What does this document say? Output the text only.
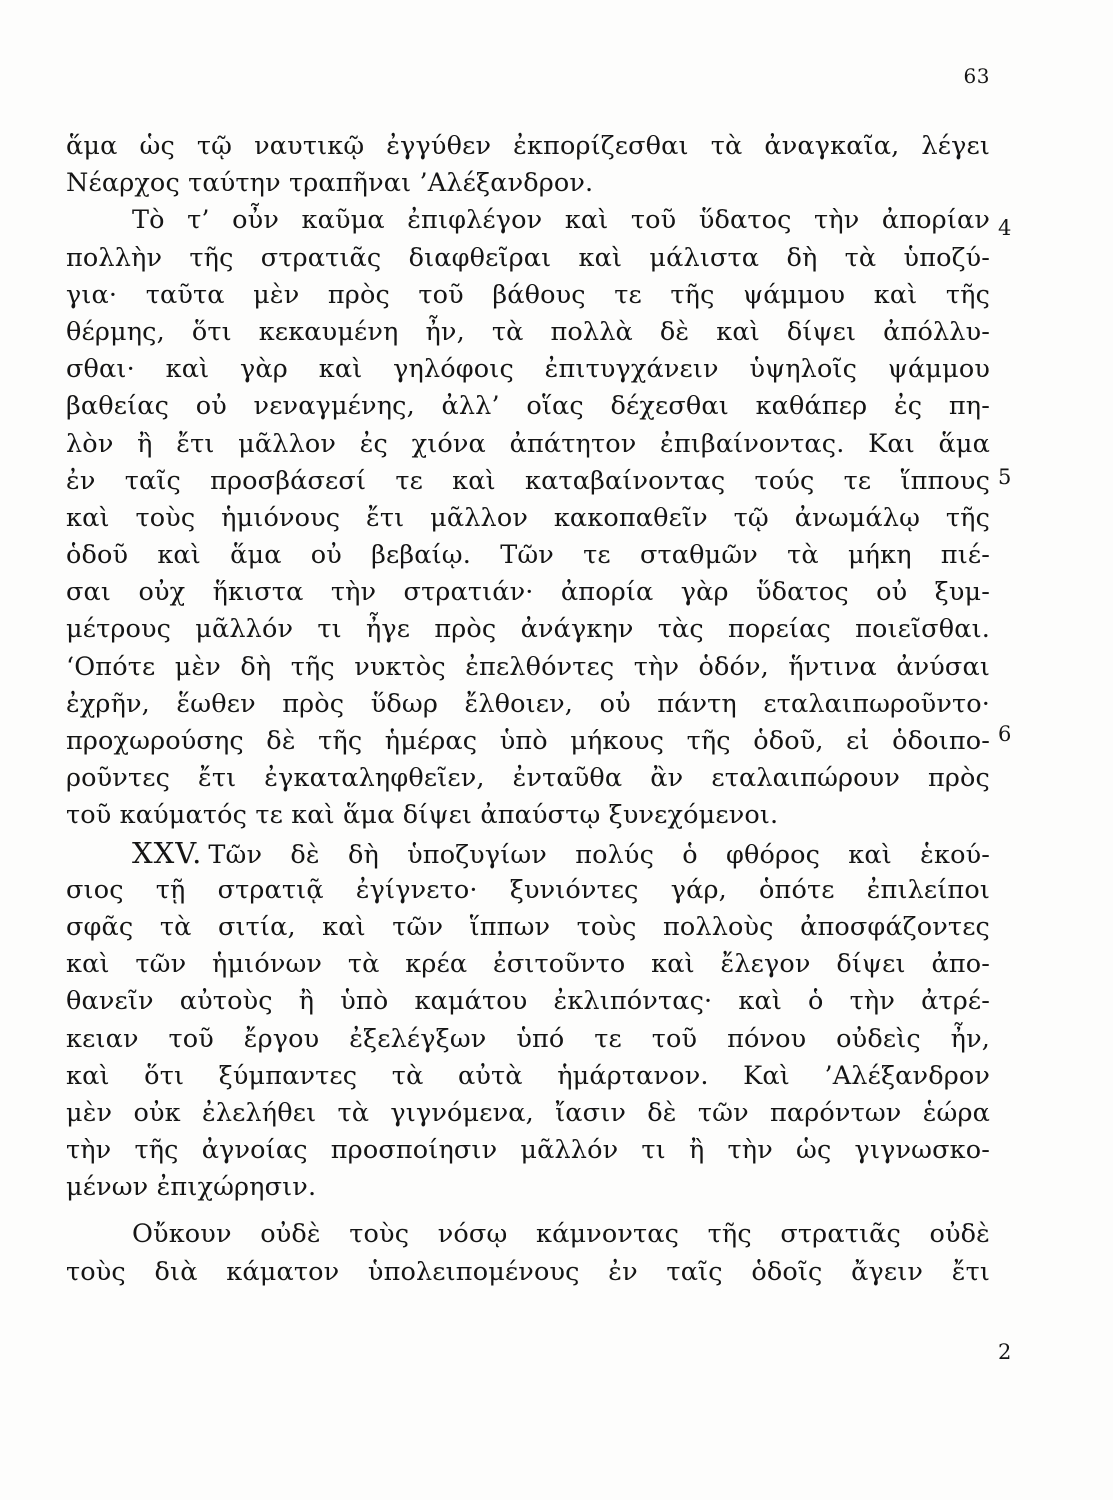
63
ἅμα ὡς τῷ ναυτικῷ ἐγγύθεν ἐκπορίζεσθαι τὰ ἀναγκαῖα, λέγει
Νέαρχος ταύτην τραπῆναι ’Αλέξανδρον.
Τὸ τ’ οὖν καῦμα ἐπιφλέγον καὶ τοῦ ὕδατος τὴν ἀπορίαν
πολλὴν τῆς στρατιᾶς διαφθεῖραι καὶ μάλιστα δὴ τὰ ὑποζύ-
για· ταῦτα μὲν πρὸς τοῦ βάθους τε τῆς ψάμμου καὶ τῆς
θέρμης, ὅτι κεκαυμένη ἦν, τὰ πολλὰ δὲ καὶ δίψει ἀπόλλυ-
σθαι· καὶ γὰρ καὶ γηλόφοις ἐπιτυγχάνειν ὑψηλοῖς ψάμμου
βαθείας οὐ νεναγμένης, ἀλλ’ οἵας δέχεσθαι καθάπερ ἐς πη-
λὸν ἢ ἔτι μᾶλλον ἐς χιόνα ἀπάτητον ἐπιβαίνοντας. Και ἅμα
ἐν ταῖς προσβάσεσί τε καὶ καταβαίνοντας τούς τε ἵππους
καὶ τοὺς ἡμιόνους ἔτι μᾶλλον κακοπαθεῖν τῷ ἀνωμάλῳ τῆς
ὁδοῦ καὶ ἅμα οὐ βεβαίῳ. Τῶν τε σταθμῶν τὰ μήκη πιέ-
σαι οὐχ ἥκιστα τὴν στρατιάν· ἀπορία γὰρ ὕδατος οὐ ξυμ-
μέτρους μᾶλλόν τι ἦγε πρὸς ἀνάγκην τὰς πορείας ποιεῖσθαι.
‘Οπότε μὲν δὴ τῆς νυκτὸς ἐπελθόντες τὴν ὁδόν, ἥντινα ἀνύσαι
ἐχρῆν, ἕωθεν πρὸς ὕδωρ ἔλθοιεν, οὐ πάντη εταλαιπωροῦντο·
προχωρούσης δὲ τῆς ἡμέρας ὑπὸ μήκους τῆς ὁδοῦ, εἰ ὁδοιπο-
ροῦντες ἔτι ἐγκαταληφθεῖεν, ἐνταῦθα ἂν εταλαιπώρουν πρὸς
τοῦ καύματός τε καὶ ἅμα δίψει ἀπαύστῳ ξυνεχόμενοι.
XXV. Τῶν δὲ δὴ ὑποζυγίων πολύς ὁ φθόρος καὶ ἑκού-
σιος τῇ στρατιᾷ ἐγίγνετο· ξυνιόντες γάρ, ὁπότε ἐπιλείποι
σφᾶς τὰ σιτία, καὶ τῶν ἵππων τοὺς πολλοὺς ἀποσφάζοντες
καὶ τῶν ἡμιόνων τὰ κρέα ἐσιτοῦντο καὶ ἔλεγον δίψει ἀπο-
θανεῖν αὐτοὺς ἢ ὑπὸ καμάτου ἐκλιπόντας· καὶ ὁ τὴν ἀτρέ-
κειαν τοῦ ἔργου ἐξελέγξων ὑπό τε τοῦ πόνου οὐδεὶς ἦν,
καὶ ὅτι ξύμπαντες τὰ αὐτὰ ἡμάρτανον. Καὶ ’Αλέξανδρον
μὲν οὐκ ἐλελήθει τὰ γιγνόμενα, ἴασιν δὲ τῶν παρόντων ἑώρα
τὴν τῆς ἀγνοίας προσποίησιν μᾶλλόν τι ἢ τὴν ὡς γιγνωσκο-
μένων ἐπιχώρησιν.
Οὔκουν οὐδὲ τοὺς νόσῳ κάμνοντας τῆς στρατιᾶς οὐδὲ
τοὺς διὰ κάματον ὑπολειπομένους ἐν ταῖς ὁδοῖς ἄγειν ἔτι
4
5
6
2
